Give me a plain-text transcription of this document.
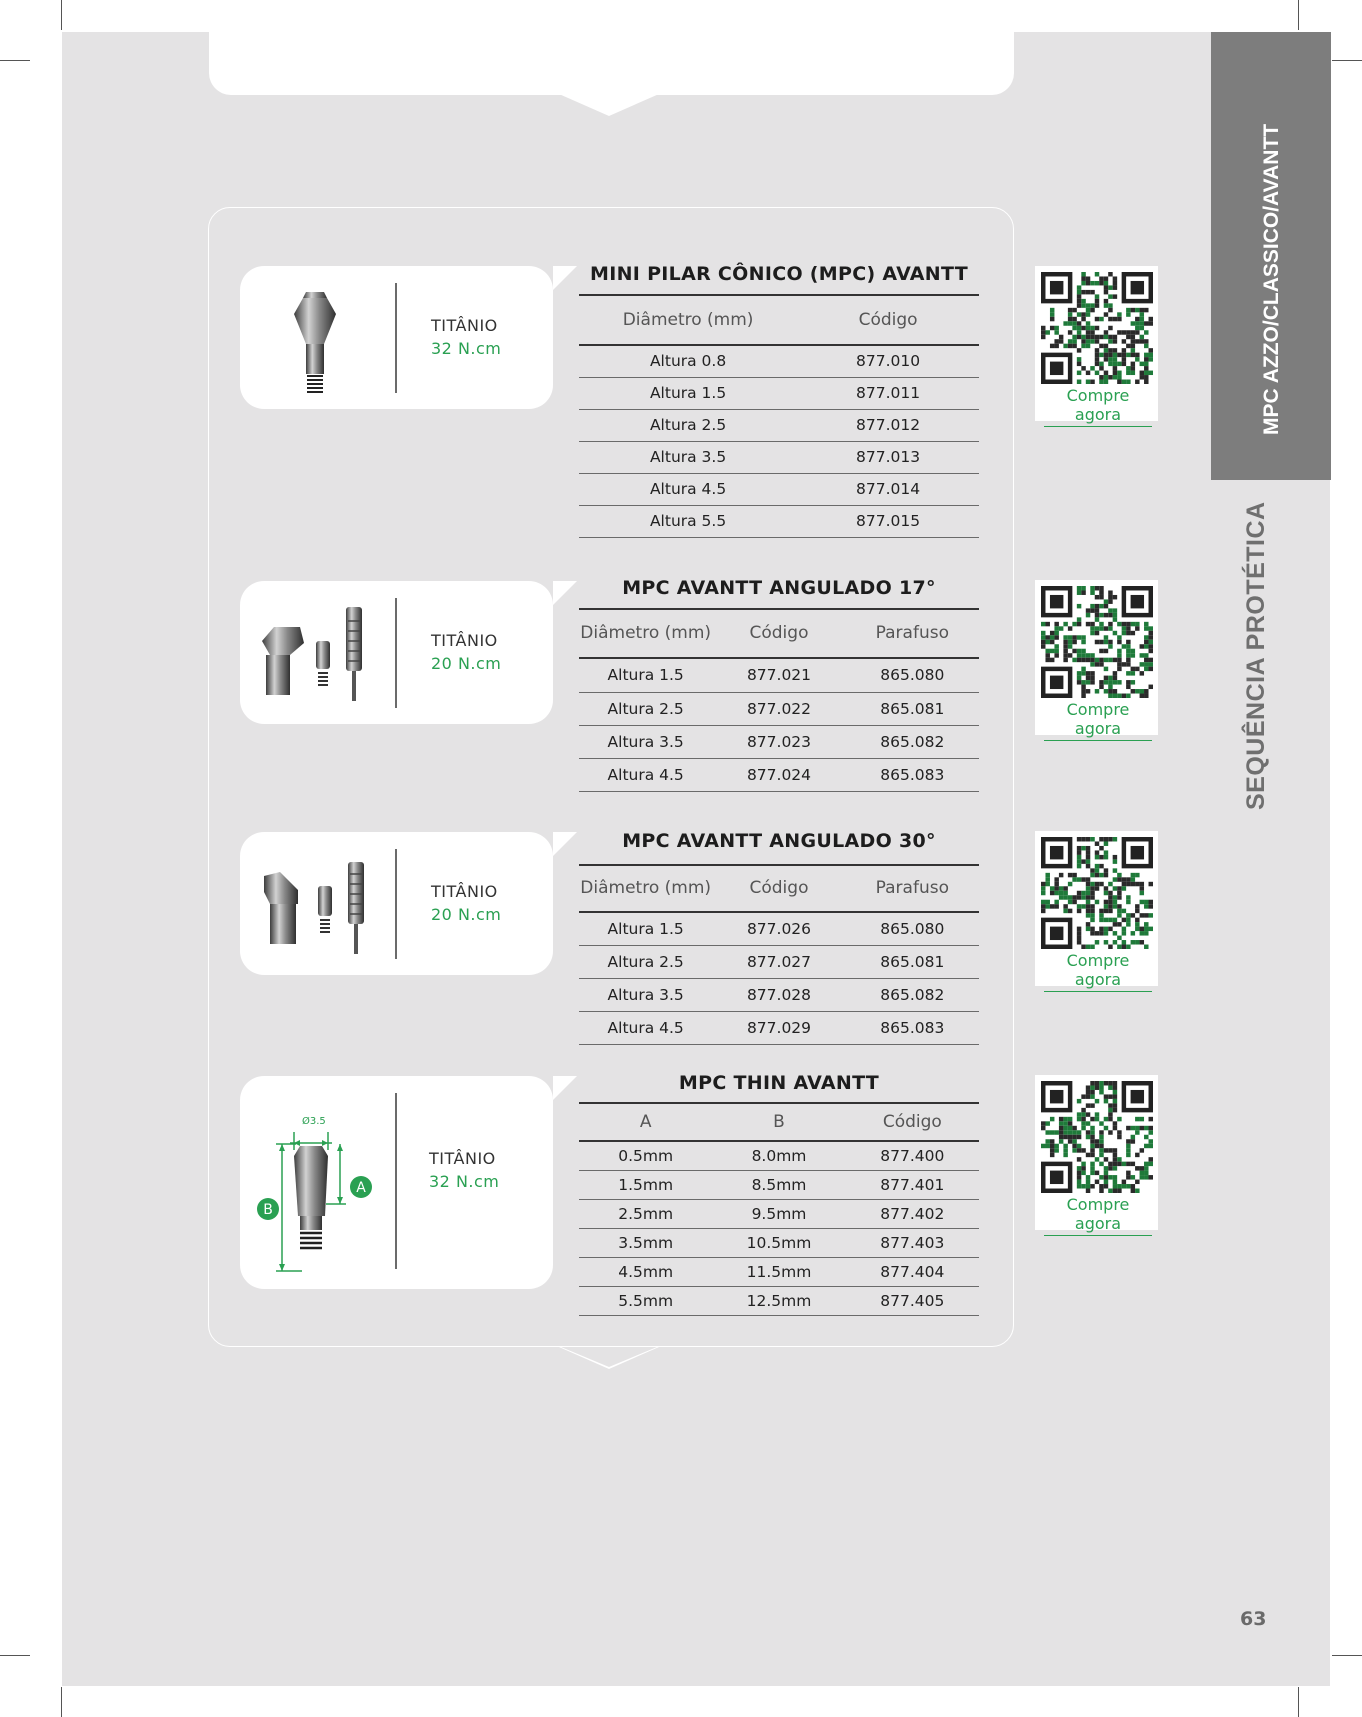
MPC AZZO/CLASSICO/AVANTT
SEQUÊNCIA PROTÉTICA
TITÂNIO
32 N.cm
MINI PILAR CÔNICO (MPC) AVANTT
Diâmetro (mm)	Código
Altura 0.8	877.010
Altura 1.5	877.011
Altura 2.5	877.012
Altura 3.5	877.013
Altura 4.5	877.014
Altura 5.5	877.015
Compre agora
TITÂNIO
20 N.cm
MPC AVANTT ANGULADO 17°
Diâmetro (mm)	Código	Parafuso
Altura 1.5	877.021	865.080
Altura 2.5	877.022	865.081
Altura 3.5	877.023	865.082
Altura 4.5	877.024	865.083
Compre agora
TITÂNIO
20 N.cm
MPC AVANTT ANGULADO 30°
Diâmetro (mm)	Código	Parafuso
Altura 1.5	877.026	865.080
Altura 2.5	877.027	865.081
Altura 3.5	877.028	865.082
Altura 4.5	877.029	865.083
Compre agora
Ø3.5
A
B
TITÂNIO
32 N.cm
MPC THIN AVANTT
A	B	Código
0.5mm	8.0mm	877.400
1.5mm	8.5mm	877.401
2.5mm	9.5mm	877.402
3.5mm	10.5mm	877.403
4.5mm	11.5mm	877.404
5.5mm	12.5mm	877.405
Compre agora
63
